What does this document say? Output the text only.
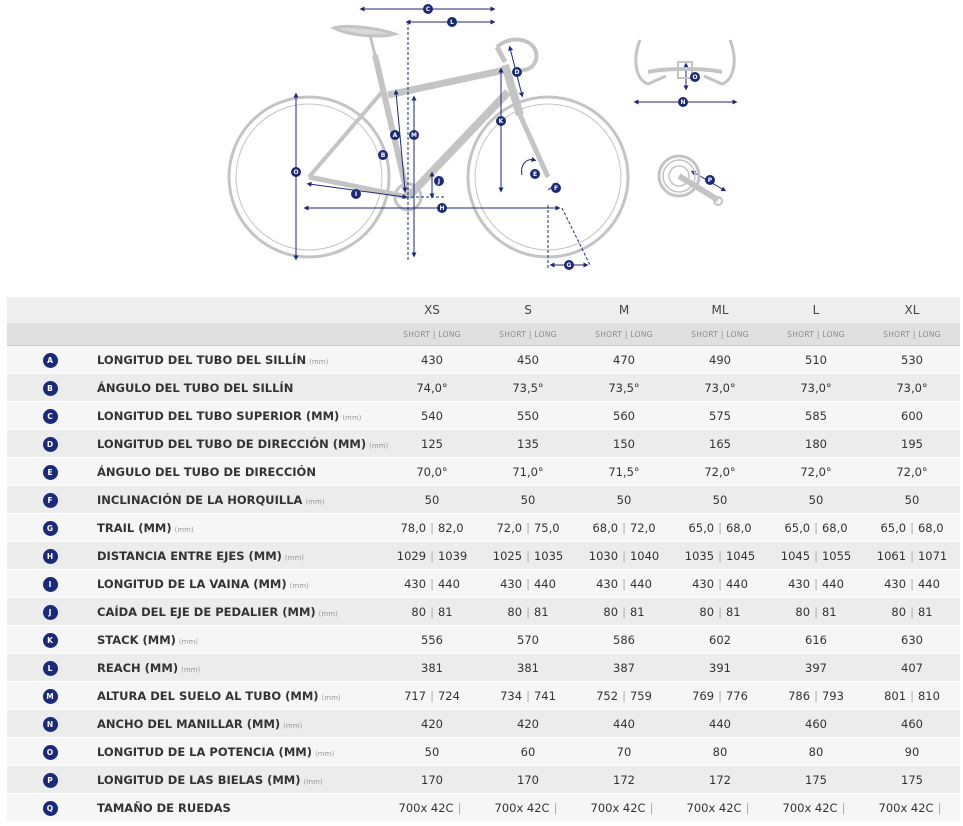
C
L
D
O
A M
B
K
J
I
H
E
F
G
O
N
P
		XS	S	M	ML	L	XL
		SHORT | LONG	SHORT | LONG	SHORT | LONG	SHORT | LONG	SHORT | LONG	SHORT | LONG
A	LONGITUD DEL TUBO DEL SILLÍN (mm)	430	450	470	490	510	530
B	ÁNGULO DEL TUBO DEL SILLÍN	74,0°	73,5°	73,5°	73,0°	73,0°	73,0°
C	LONGITUD DEL TUBO SUPERIOR (MM) (mm)	540	550	560	575	585	600
D	LONGITUD DEL TUBO DE DIRECCIÓN (MM) (mm)	125	135	150	165	180	195
E	ÁNGULO DEL TUBO DE DIRECCIÓN	70,0°	71,0°	71,5°	72,0°	72,0°	72,0°
F	INCLINACIÓN DE LA HORQUILLA (mm)	50	50	50	50	50	50
G	TRAIL (MM) (mm)	78,0 | 82,0	72,0 | 75,0	68,0 | 72,0	65,0 | 68,0	65,0 | 68,0	65,0 | 68,0
H	DISTANCIA ENTRE EJES (MM) (mm)	1029 | 1039	1025 | 1035	1030 | 1040	1035 | 1045	1045 | 1055	1061 | 1071
I	LONGITUD DE LA VAINA (MM) (mm)	430 | 440	430 | 440	430 | 440	430 | 440	430 | 440	430 | 440
J	CAÍDA DEL EJE DE PEDALIER (MM) (mm)	80 | 81	80 | 81	80 | 81	80 | 81	80 | 81	80 | 81
K	STACK (MM) (mm)	556	570	586	602	616	630
L	REACH (MM) (mm)	381	381	387	391	397	407
M	ALTURA DEL SUELO AL TUBO (MM) (mm)	717 | 724	734 | 741	752 | 759	769 | 776	786 | 793	801 | 810
N	ANCHO DEL MANILLAR (MM) (mm)	420	420	440	440	460	460
O	LONGITUD DE LA POTENCIA (MM) (mm)	50	60	70	80	80	90
P	LONGITUD DE LAS BIELAS (MM) (mm)	170	170	172	172	175	175
Q	TAMAÑO DE RUEDAS	700x 42C |	700x 42C |	700x 42C |	700x 42C |	700x 42C |	700x 42C |
